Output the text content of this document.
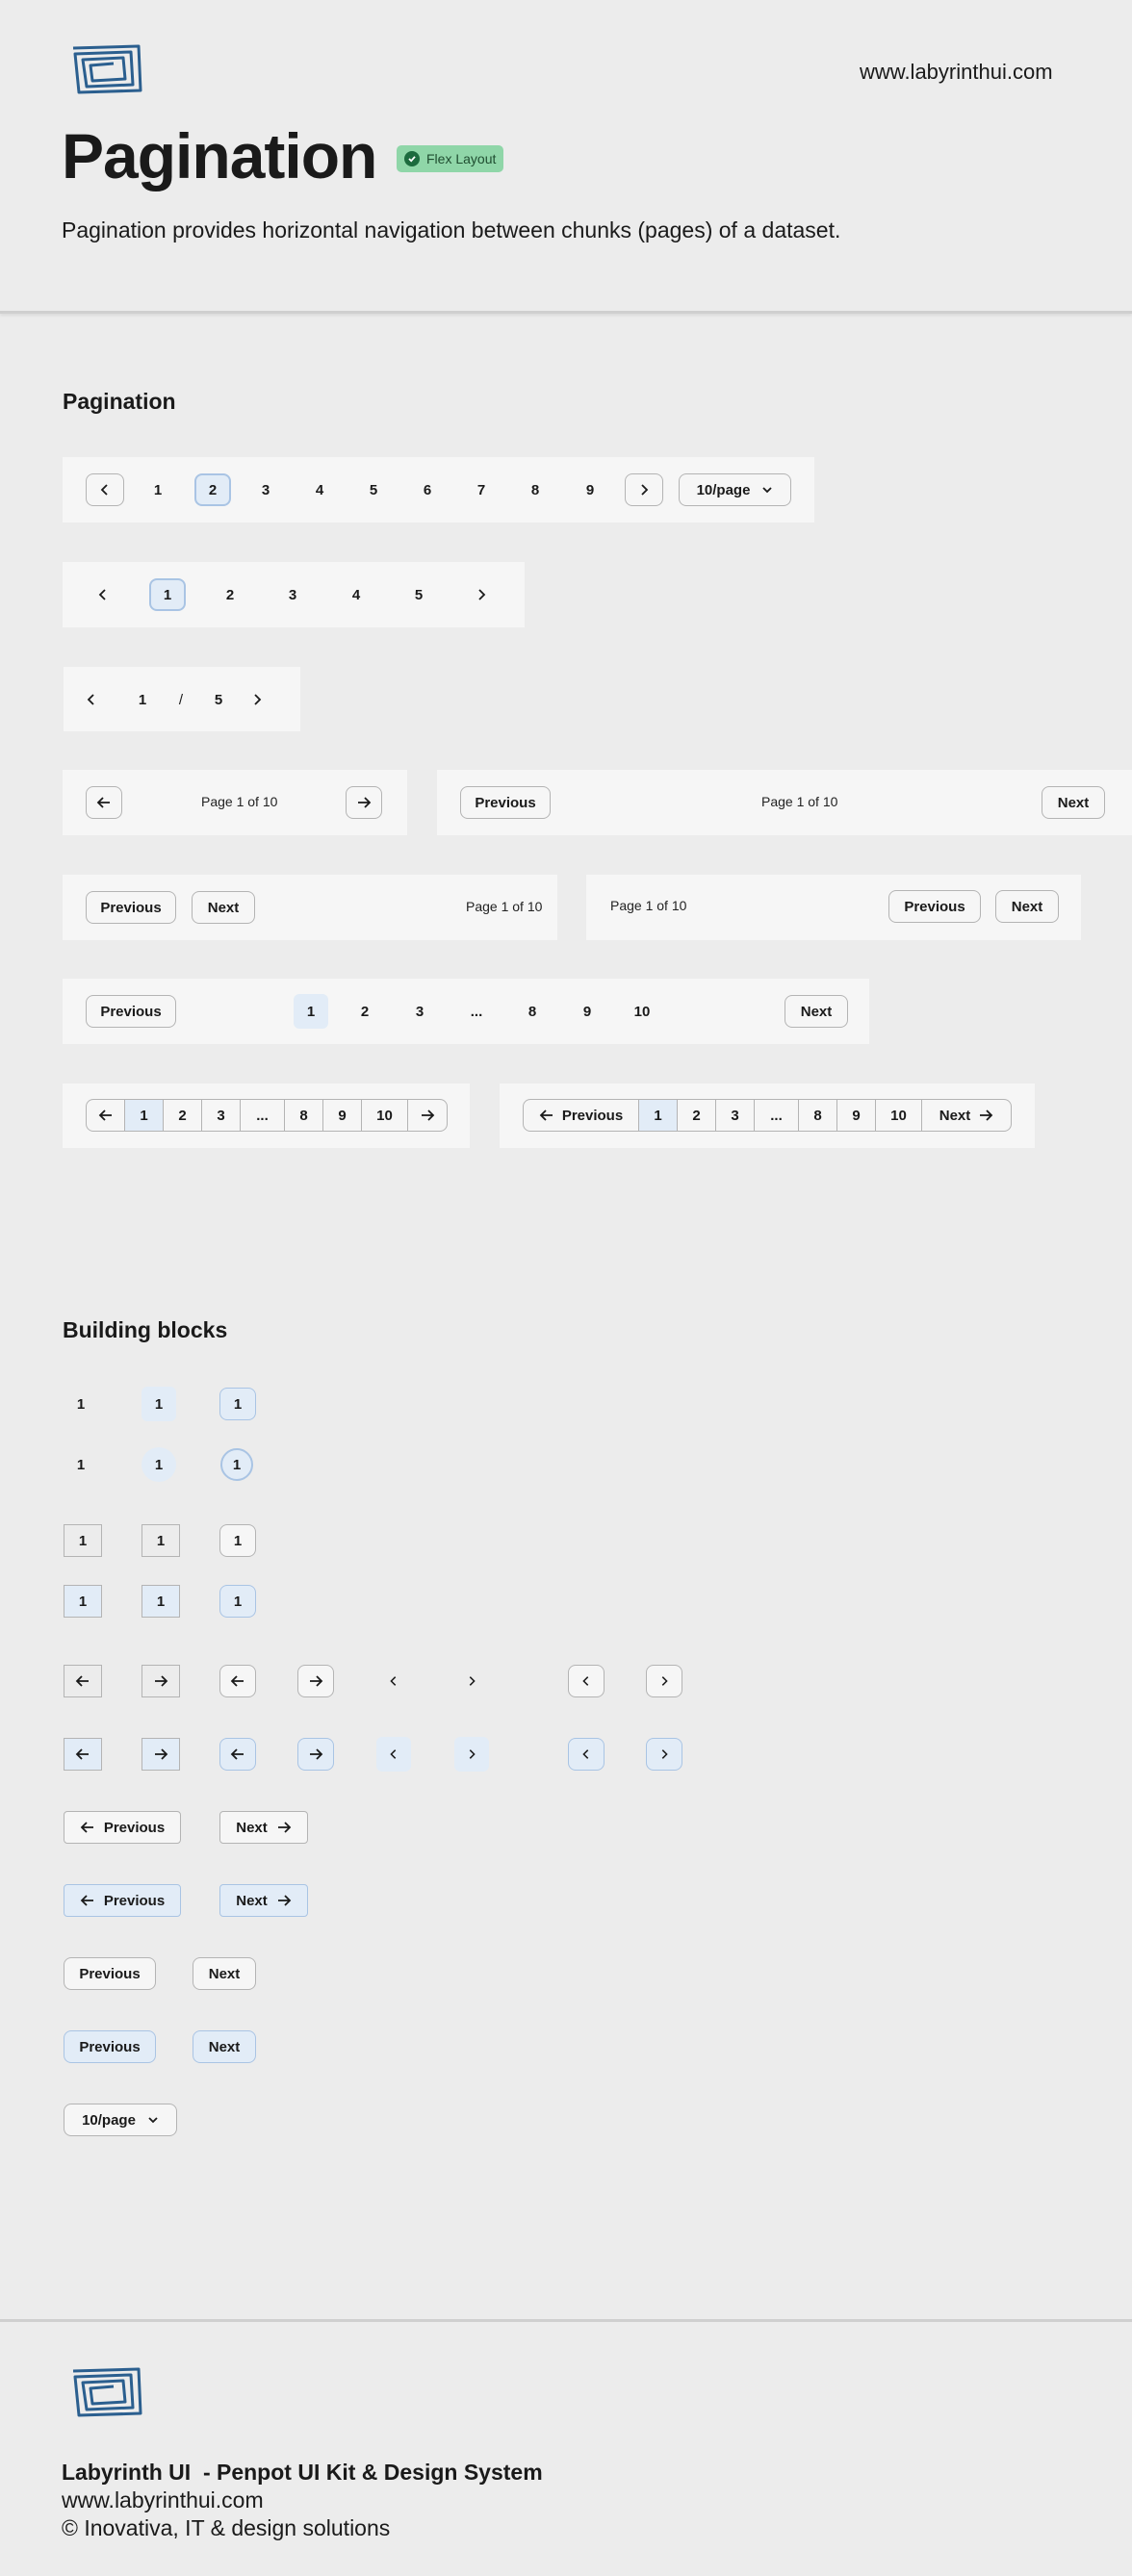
www.labyrinthui.com
Pagination	Flex Layout
Pagination provides horizontal navigation between chunks (pages) of a dataset.
Pagination
1	2	3	4	5	6	7	8	9	10/page
1	2	3	4	5
1	/	5
Page 1 of 10	Previous	Page 1 of 10	Next
Previous	Next	Page 1 of 10	Page 1 of 10	Previous	Next
Previous	1	2	3	...	8	9	10	Next
1	2	3	...	8	9	10	Previous	1	2	3	...	8	9	10	Next
Building blocks
1	1	1
1	1	1
1	1	1
1	1	1
Previous	Next
Previous	Next
Previous	Next
Previous	Next
10/page
Labyrinth UI  - Penpot UI Kit & Design System
www.labyrinthui.com
© Inovativa, IT & design solutions
